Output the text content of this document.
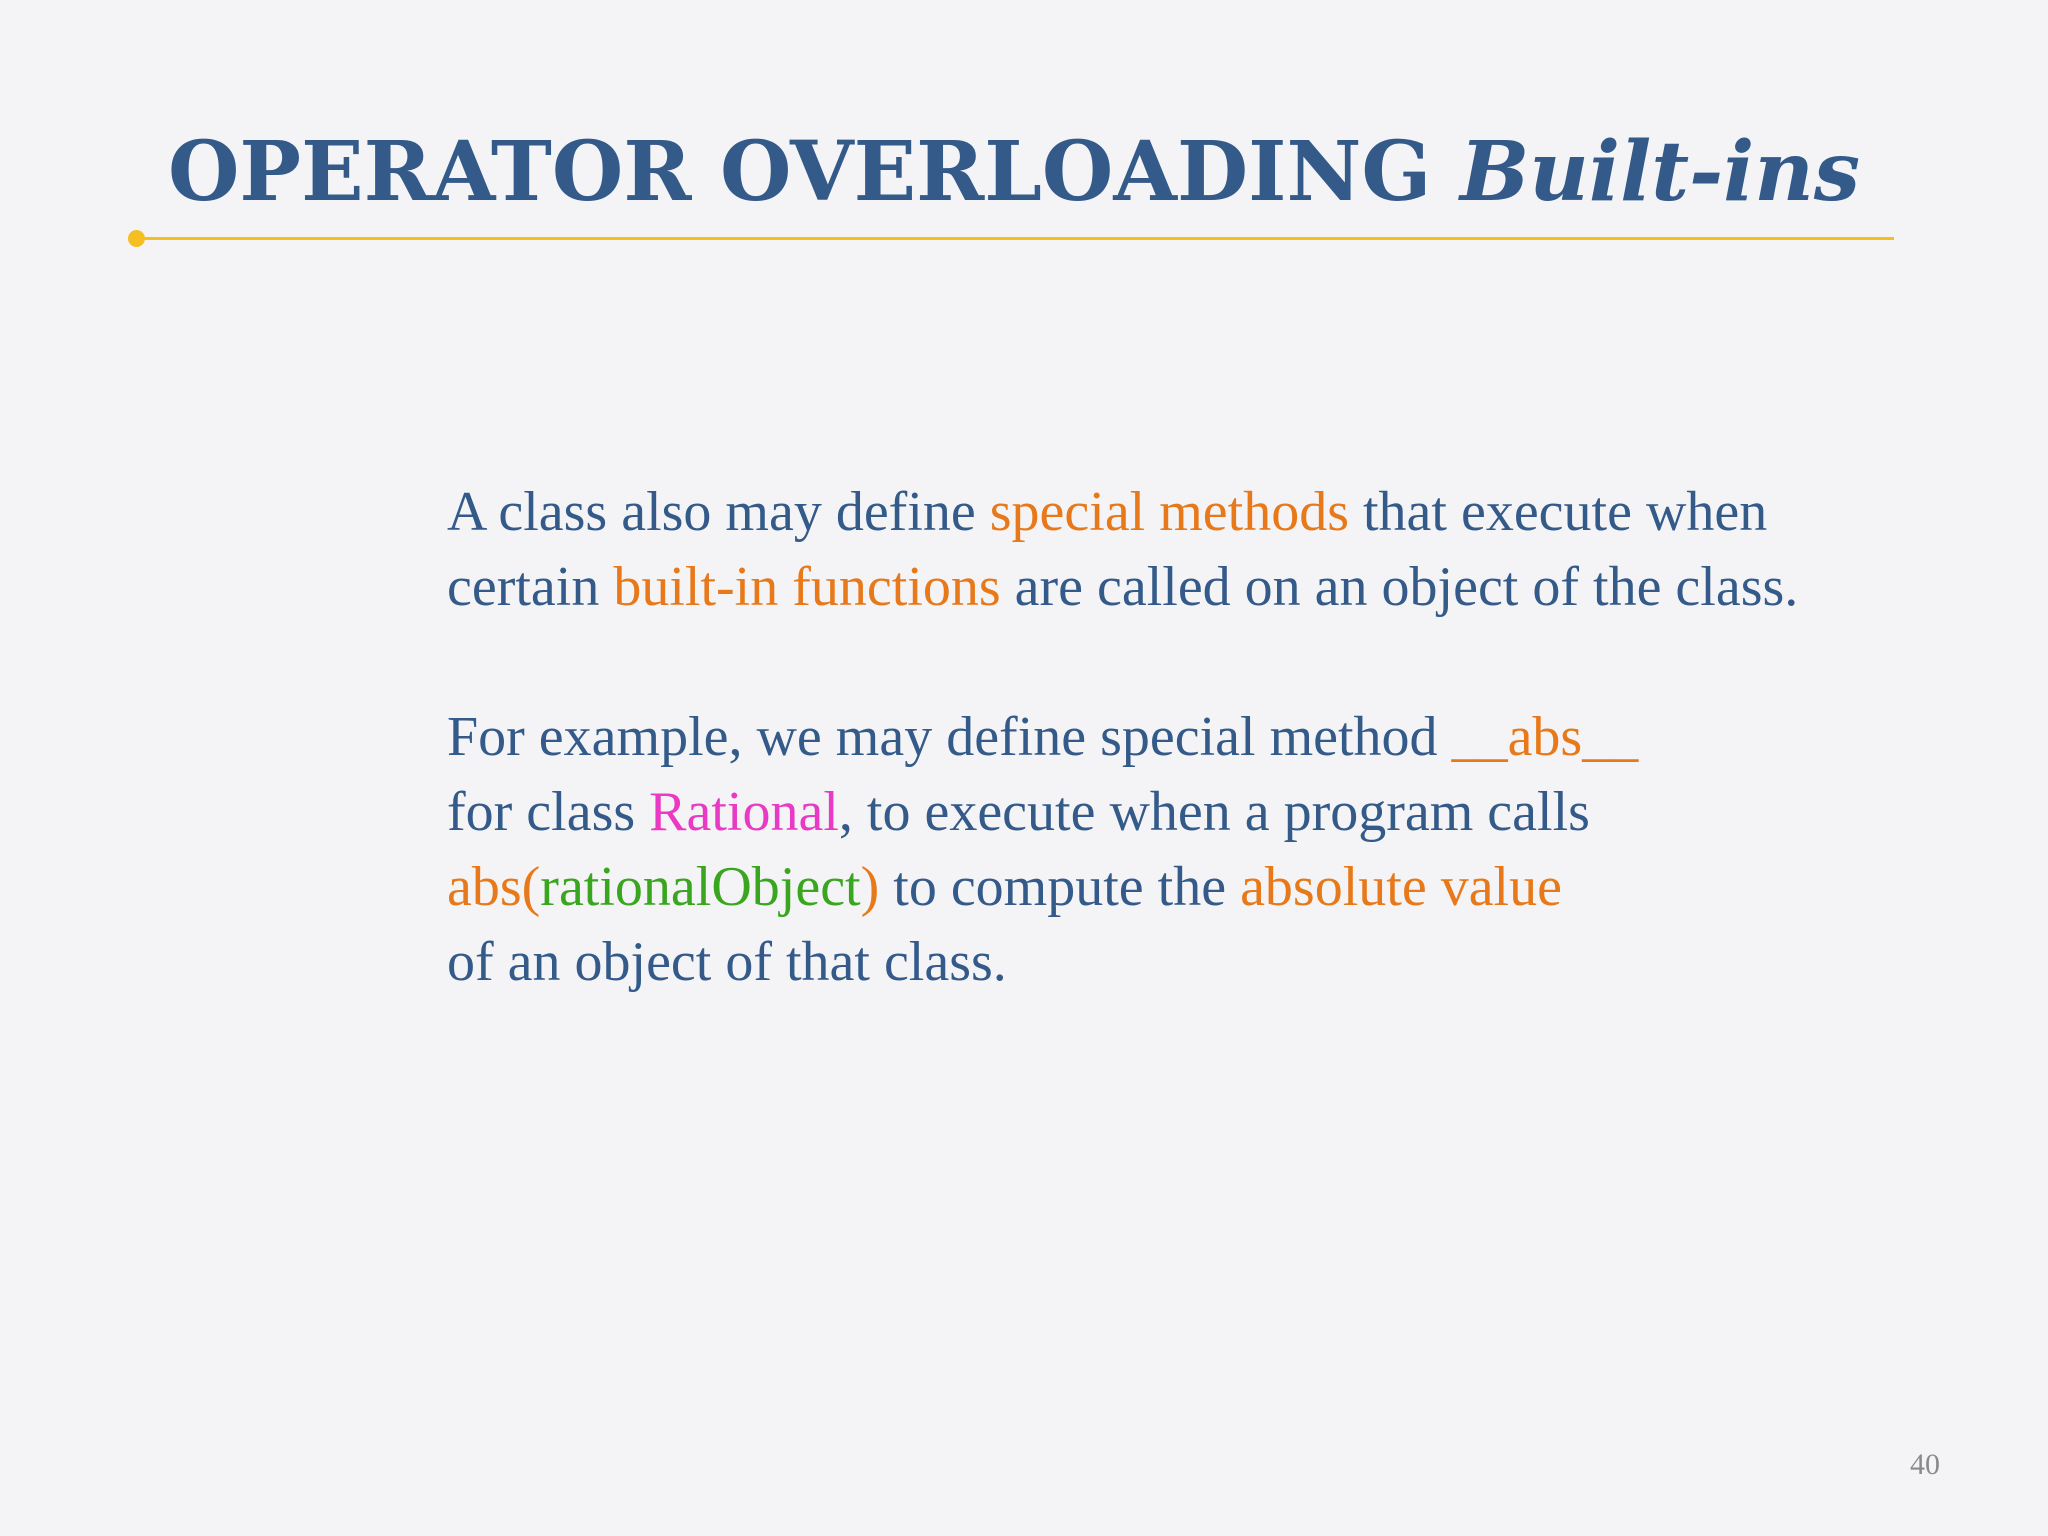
OPERATOR OVERLOADING Built-ins

A class also may define special methods that execute when

certain built-in functions are called on an object of the class.

For example, we may define special method __abs__

for class Rational, to execute when a program calls

abs(rationalObject) to compute the absolute value

of an object of that class.

40
